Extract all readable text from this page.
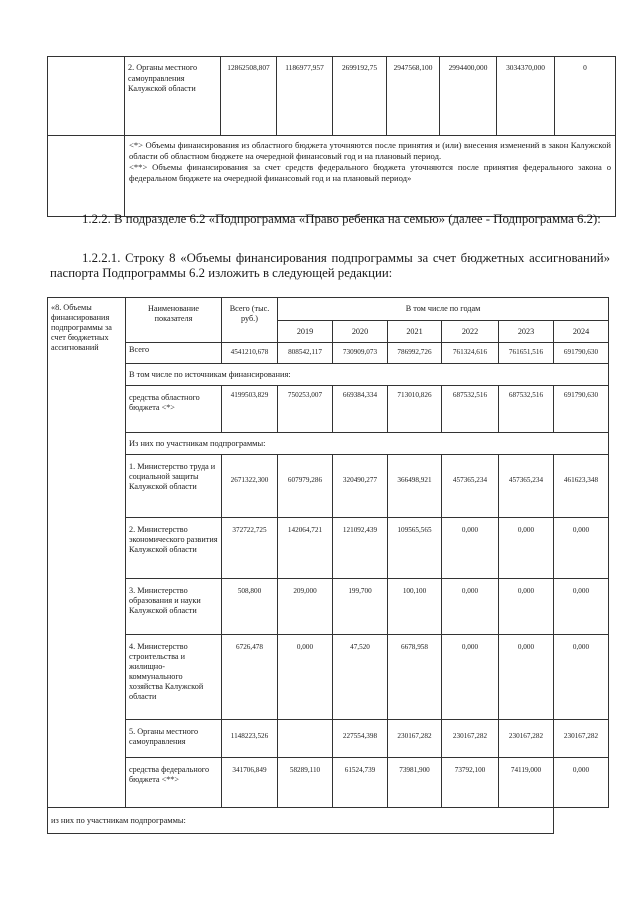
	2. Органы местного самоуправления Калужской области	12862508,807	1186977,957	2699192,75	2947568,100	2994400,000	3034370,000	0

	<*> Объемы финансирования из областного бюджета уточняются после принятия и (или) внесения изменений в закон Калужской области об областном бюджете на очередной финансовый год и на плановый период.
<**> Объемы финансирования за счет средств федерального бюджета уточняются после принятия федерального закона о федеральном бюджете на очередной финансовый год и на плановый период»							
1.2.2. В подразделе 6.2 «Подпрограмма «Право ребенка на семью» (далее - Подпрограмма 6.2):
1.2.2.1. Строку 8 «Объемы финансирования подпрограммы за счет бюджетных ассигнований» паспорта Подпрограммы 6.2 изложить в следующей редакции:
«8. Объемы финансирования подпрограммы за счет бюджетных ассигнований	Наименование показателя	Всего (тыс. руб.)	В том числе по годам					
			2019	2020	2021	2022	2023	2024
	Всего	4541210,678	808542,117	730909,073	786992,726	761324,616	761651,516	691790,630
	В том числе по источникам финансирования:							
	средства областного бюджета <*>	4199503,829	750253,007	669384,334	713010,826	687532,516	687532,516	691790,630
	Из них по участникам подпрограммы:							
	1. Министерство труда и социальной защиты Калужской области	2671322,300	607979,286	320490,277	366498,921	457365,234	457365,234	461623,348
	2. Министерство экономического развития Калужской области	372722,725	142064,721	121092,439	109565,565	0,000	0,000	0,000
	3. Министерство образования и науки Калужской области	508,800	209,000	199,700	100,100	0,000	0,000	0,000
	4. Министерство строительства и жилищно-коммунального хозяйства Калужской области	6726,478	0,000	47,520	6678,958	0,000	0,000	0,000
	5. Органы местного самоуправления	1148223,526		227554,398	230167,282	230167,282	230167,282	230167,282
	средства федерального бюджета <**>	341706,849	58289,110	61524,739	73981,900	73792,100	74119,000	0,000
из них по участникам подпрограммы:								
